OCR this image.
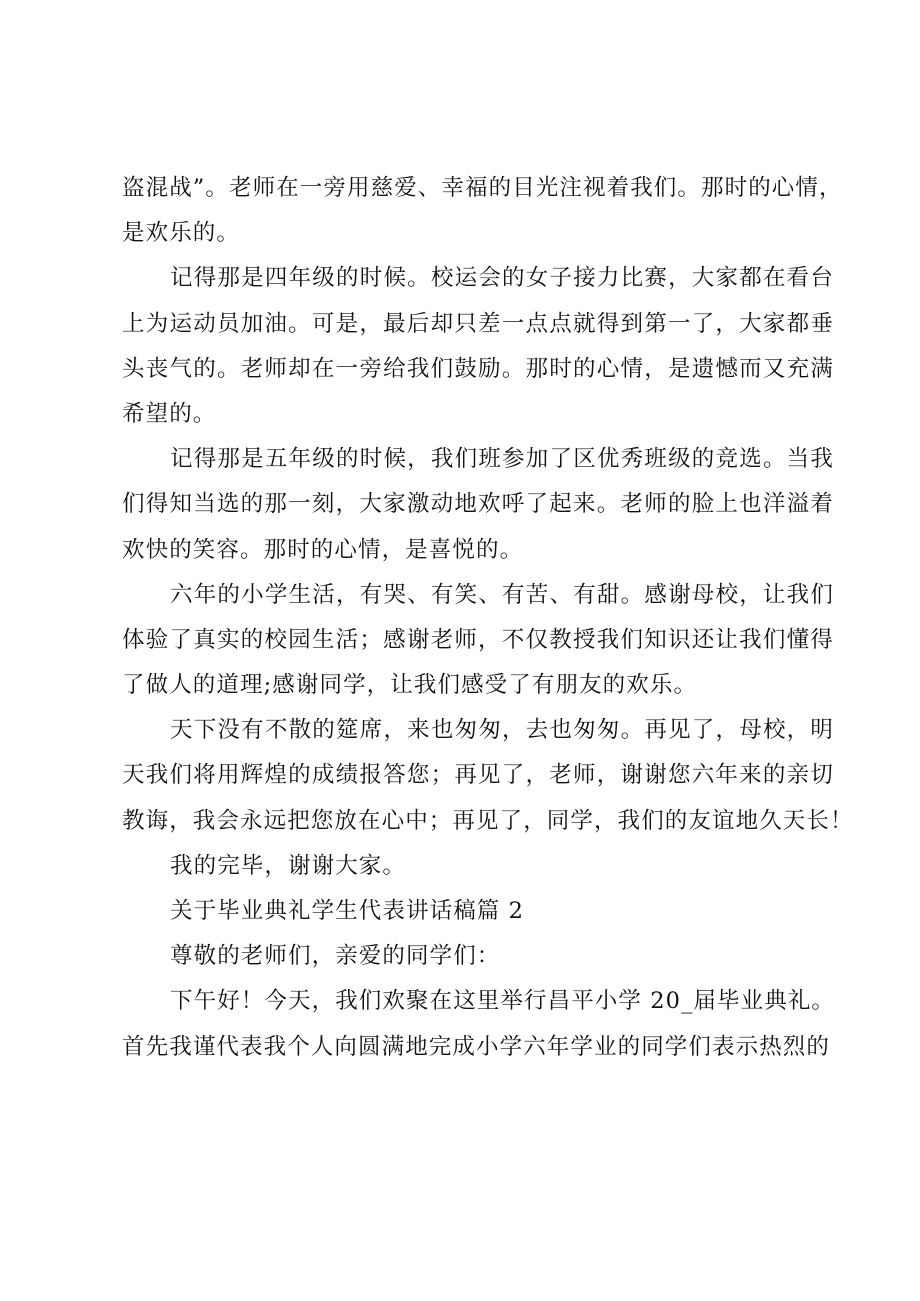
盗混战”。老师在一旁用慈爱、幸福的目光注视着我们。那时的心情，
是欢乐的。
记得那是四年级的时候。校运会的女子接力比赛，大家都在看台
上为运动员加油。可是，最后却只差一点点就得到第一了，大家都垂
头丧气的。老师却在一旁给我们鼓励。那时的心情，是遗憾而又充满
希望的。
记得那是五年级的时候，我们班参加了区优秀班级的竞选。当我
们得知当选的那一刻，大家激动地欢呼了起来。老师的脸上也洋溢着
欢快的笑容。那时的心情，是喜悦的。
六年的小学生活，有哭、有笑、有苦、有甜。感谢母校，让我们
体验了真实的校园生活；感谢老师，不仅教授我们知识还让我们懂得
了做人的道理;感谢同学，让我们感受了有朋友的欢乐。
天下没有不散的筵席，来也匆匆，去也匆匆。再见了，母校，明
天我们将用辉煌的成绩报答您；再见了，老师，谢谢您六年来的亲切
教诲，我会永远把您放在心中；再见了，同学，我们的友谊地久天长！
我的完毕，谢谢大家。
关于毕业典礼学生代表讲话稿篇 2
尊敬的老师们，亲爱的同学们：
下午好！今天，我们欢聚在这里举行昌平小学 20_届毕业典礼。
首先我谨代表我个人向圆满地完成小学六年学业的同学们表示热烈的
